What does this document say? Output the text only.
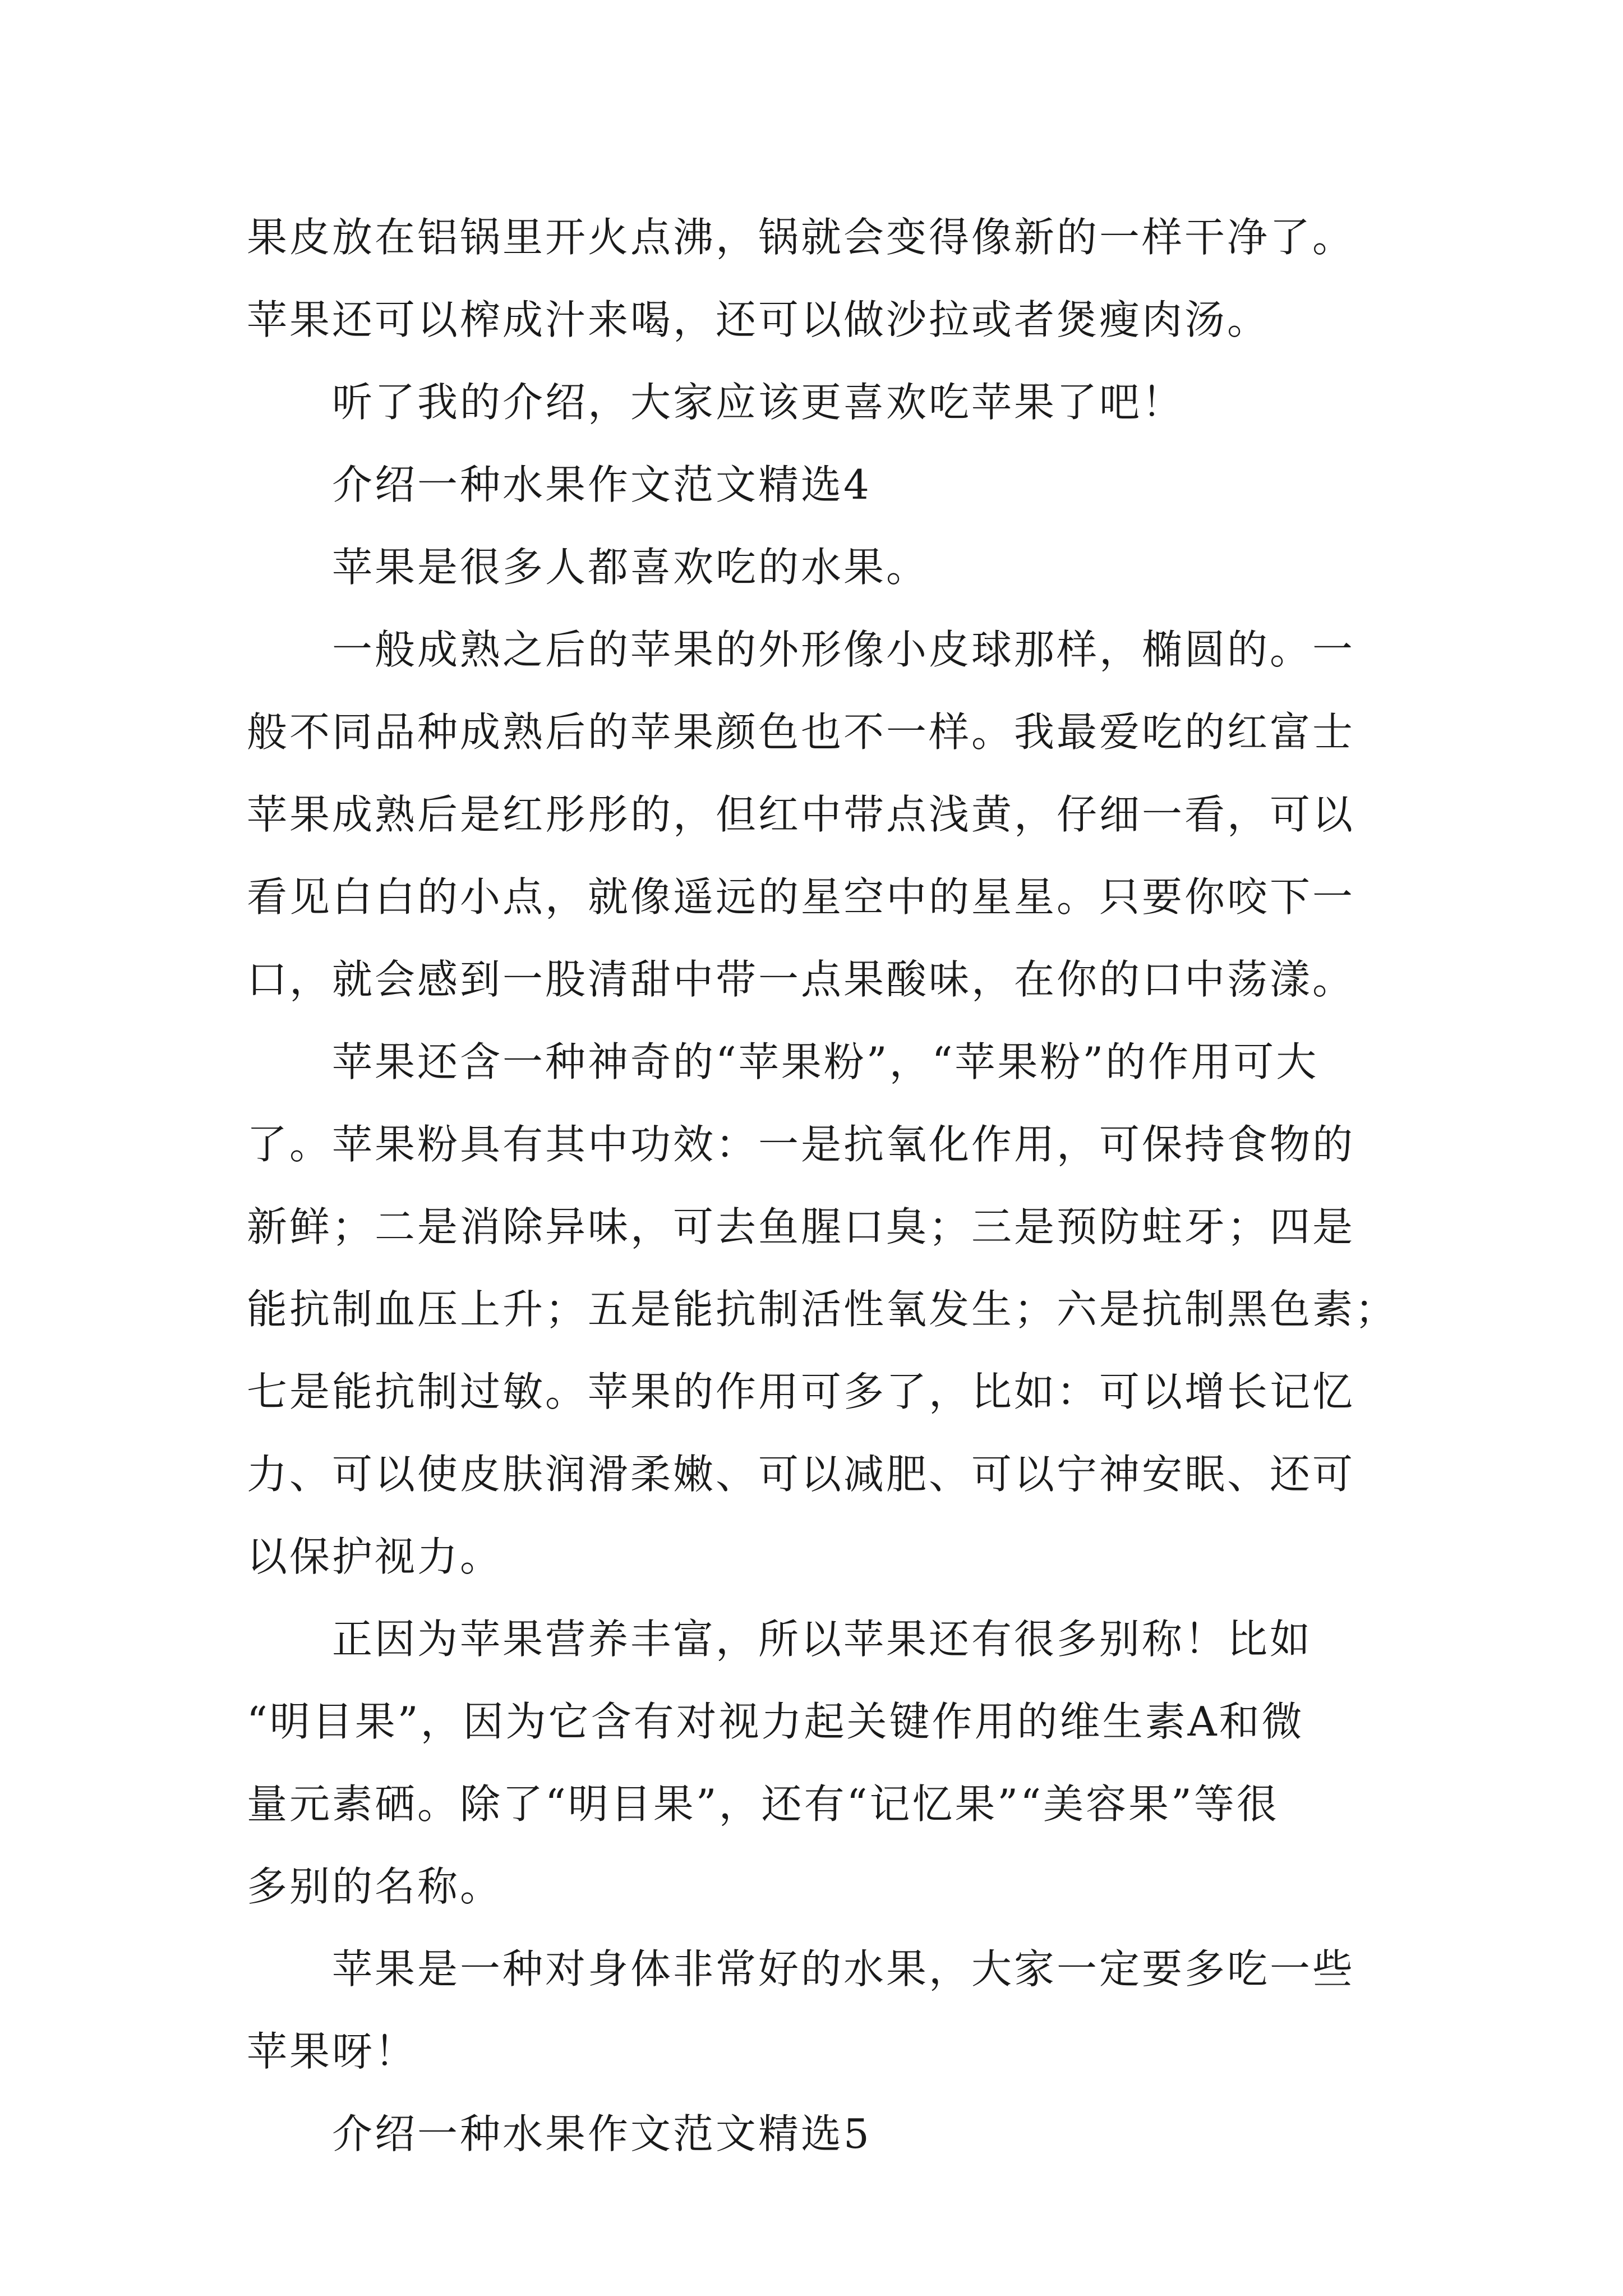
果皮放在铝锅里开火点沸，锅就会变得像新的一样干净了。
苹果还可以榨成汁来喝，还可以做沙拉或者煲瘦肉汤。
听了我的介绍，大家应该更喜欢吃苹果了吧！
介绍一种水果作文范文精选4
苹果是很多人都喜欢吃的水果。
一般成熟之后的苹果的外形像小皮球那样，椭圆的。一
般不同品种成熟后的苹果颜色也不一样。我最爱吃的红富士
苹果成熟后是红彤彤的，但红中带点浅黄，仔细一看，可以
看见白白的小点，就像遥远的星空中的星星。只要你咬下一
口，就会感到一股清甜中带一点果酸味，在你的口中荡漾。
苹果还含一种神奇的“苹果粉”，“苹果粉”的作用可大
了。苹果粉具有其中功效：一是抗氧化作用，可保持食物的
新鲜；二是消除异味，可去鱼腥口臭；三是预防蛀牙；四是
能抗制血压上升；五是能抗制活性氧发生；六是抗制黑色素；
七是能抗制过敏。苹果的作用可多了，比如：可以增长记忆
力、可以使皮肤润滑柔嫩、可以减肥、可以宁神安眠、还可
以保护视力。
正因为苹果营养丰富，所以苹果还有很多别称！比如
“明目果”，因为它含有对视力起关键作用的维生素A和微
量元素硒。除了“明目果”，还有“记忆果”“美容果”等很
多别的名称。
苹果是一种对身体非常好的水果，大家一定要多吃一些
苹果呀！
介绍一种水果作文范文精选5
